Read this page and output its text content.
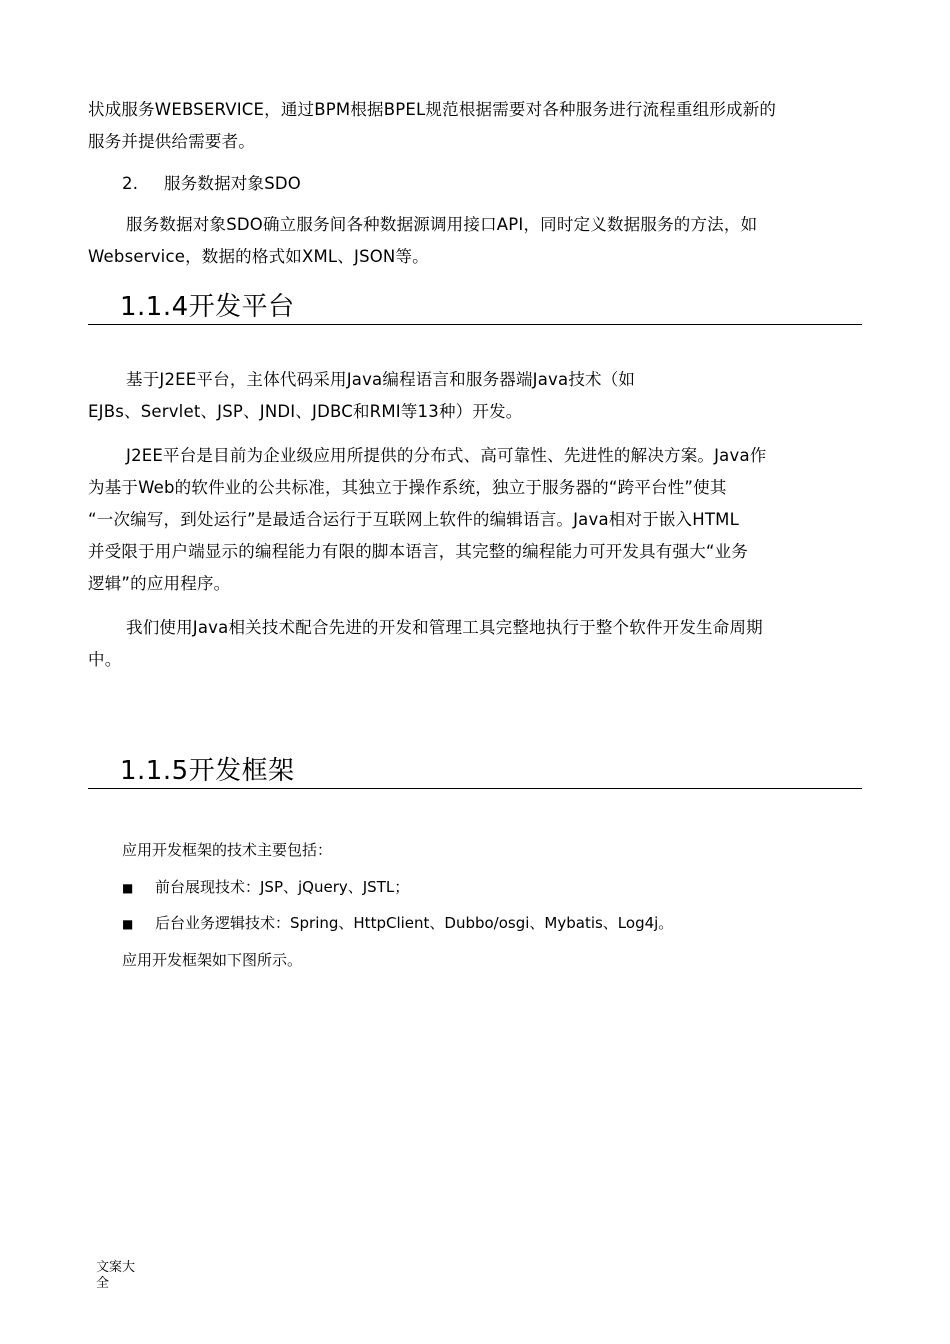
状成服务WEBSERVICE，通过BPM根据BPEL规范根据需要对各种服务进行流程重组形成新的
服务并提供给需要者。
2. 服务数据对象SDO
服务数据对象SDO确立服务间各种数据源调用接口API，同时定义数据服务的方法，如
Webservice，数据的格式如XML、JSON等。
1.1.4开发平台
基于J2EE平台，主体代码采用Java编程语言和服务器端Java技术（如
EJBs、Servlet、JSP、JNDI、JDBC和RMI等13种）开发。
J2EE平台是目前为企业级应用所提供的分布式、高可靠性、先进性的解决方案。Java作
为基于Web的软件业的公共标准，其独立于操作系统，独立于服务器的“跨平台性”使其
“一次编写，到处运行”是最适合运行于互联网上软件的编辑语言。Java相对于嵌入HTML
并受限于用户端显示的编程能力有限的脚本语言，其完整的编程能力可开发具有强大“业务
逻辑”的应用程序。
我们使用Java相关技术配合先进的开发和管理工具完整地执行于整个软件开发生命周期
中。
1.1.5开发框架
应用开发框架的技术主要包括：
■ 前台展现技术：JSP、jQuery、JSTL；
■ 后台业务逻辑技术：Spring、HttpClient、Dubbo/osgi、Mybatis、Log4j。
应用开发框架如下图所示。
文案大
全
